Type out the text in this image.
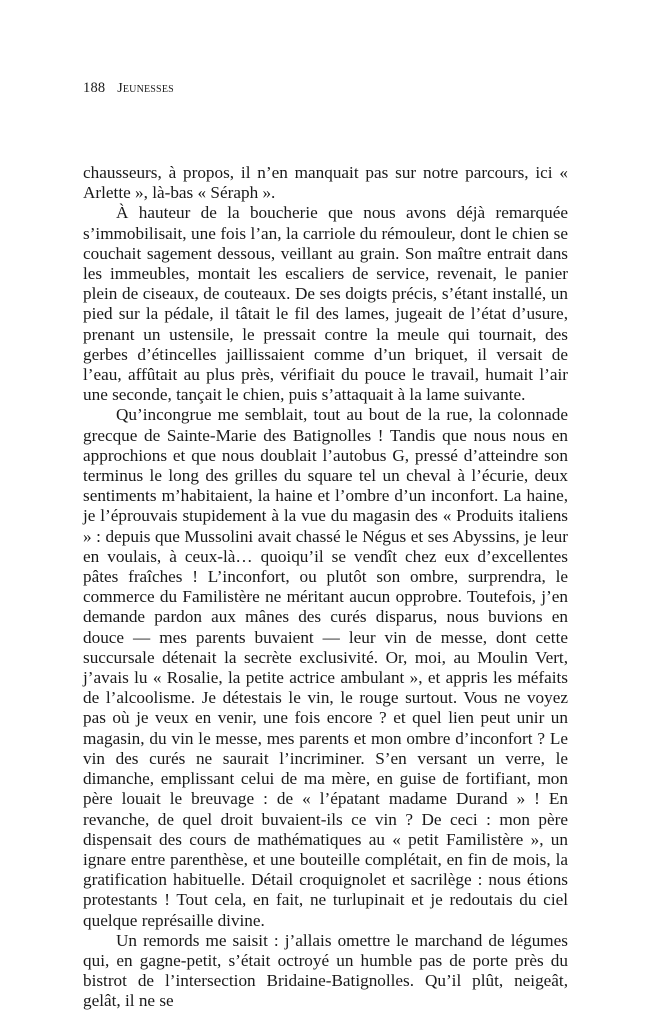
188 Jeunesses

chausseurs, à propos, il n’en manquait pas sur notre parcours, ici « Arlette », là-bas « Séraph ».

À hauteur de la boucherie que nous avons déjà remarquée s’immobilisait, une fois l’an, la carriole du rémouleur, dont le chien se couchait sagement dessous, veillant au grain. Son maître entrait dans les immeubles, montait les escaliers de service, revenait, le panier plein de ciseaux, de couteaux. De ses doigts précis, s’étant installé, un pied sur la pédale, il tâtait le fil des lames, jugeait de l’état d’usure, prenant un ustensile, le pressait contre la meule qui tournait, des gerbes d’étincelles jaillissaient comme d’un briquet, il versait de l’eau, affûtait au plus près, vérifiait du pouce le travail, humait l’air une seconde, tançait le chien, puis s’attaquait à la lame suivante.

Qu’incongrue me semblait, tout au bout de la rue, la colonnade grecque de Sainte-Marie des Batignolles ! Tandis que nous nous en approchions et que nous doublait l’autobus G, pressé d’atteindre son terminus le long des grilles du square tel un cheval à l’écurie, deux sentiments m’habitaient, la haine et l’ombre d’un inconfort. La haine, je l’éprouvais stupidement à la vue du magasin des « Produits italiens » : depuis que Mussolini avait chassé le Négus et ses Abyssins, je leur en voulais, à ceux-là… quoiqu’il se vendît chez eux d’excellentes pâtes fraîches ! L’inconfort, ou plutôt son ombre, surprendra, le commerce du Familistère ne méritant aucun opprobre. Toutefois, j’en demande pardon aux mânes des curés disparus, nous buvions en douce — mes parents buvaient — leur vin de messe, dont cette succursale détenait la secrète exclusivité. Or, moi, au Moulin Vert, j’avais lu « Rosalie, la petite actrice ambulant », et appris les méfaits de l’alcoolisme. Je détestais le vin, le rouge surtout. Vous ne voyez pas où je veux en venir, une fois encore ? et quel lien peut unir un magasin, du vin le messe, mes parents et mon ombre d’inconfort ? Le vin des curés ne saurait l’incriminer. S’en versant un verre, le dimanche, emplissant celui de ma mère, en guise de fortifiant, mon père louait le breuvage : de « l’épatant madame Durand » ! En revanche, de quel droit buvaient-ils ce vin ? De ceci : mon père dispensait des cours de mathématiques au « petit Familistère », un ignare entre parenthèse, et une bouteille complétait, en fin de mois, la gratification habituelle. Détail croquignolet et sacrilège : nous étions protestants ! Tout cela, en fait, ne turlupinait et je redoutais du ciel quelque représaille divine.

Un remords me saisit : j’allais omettre le marchand de légumes qui, en gagne-petit, s’était octroyé un humble pas de porte près du bistrot de l’intersection Bridaine-Batignolles. Qu’il plût, neigeât, gelât, il ne se
